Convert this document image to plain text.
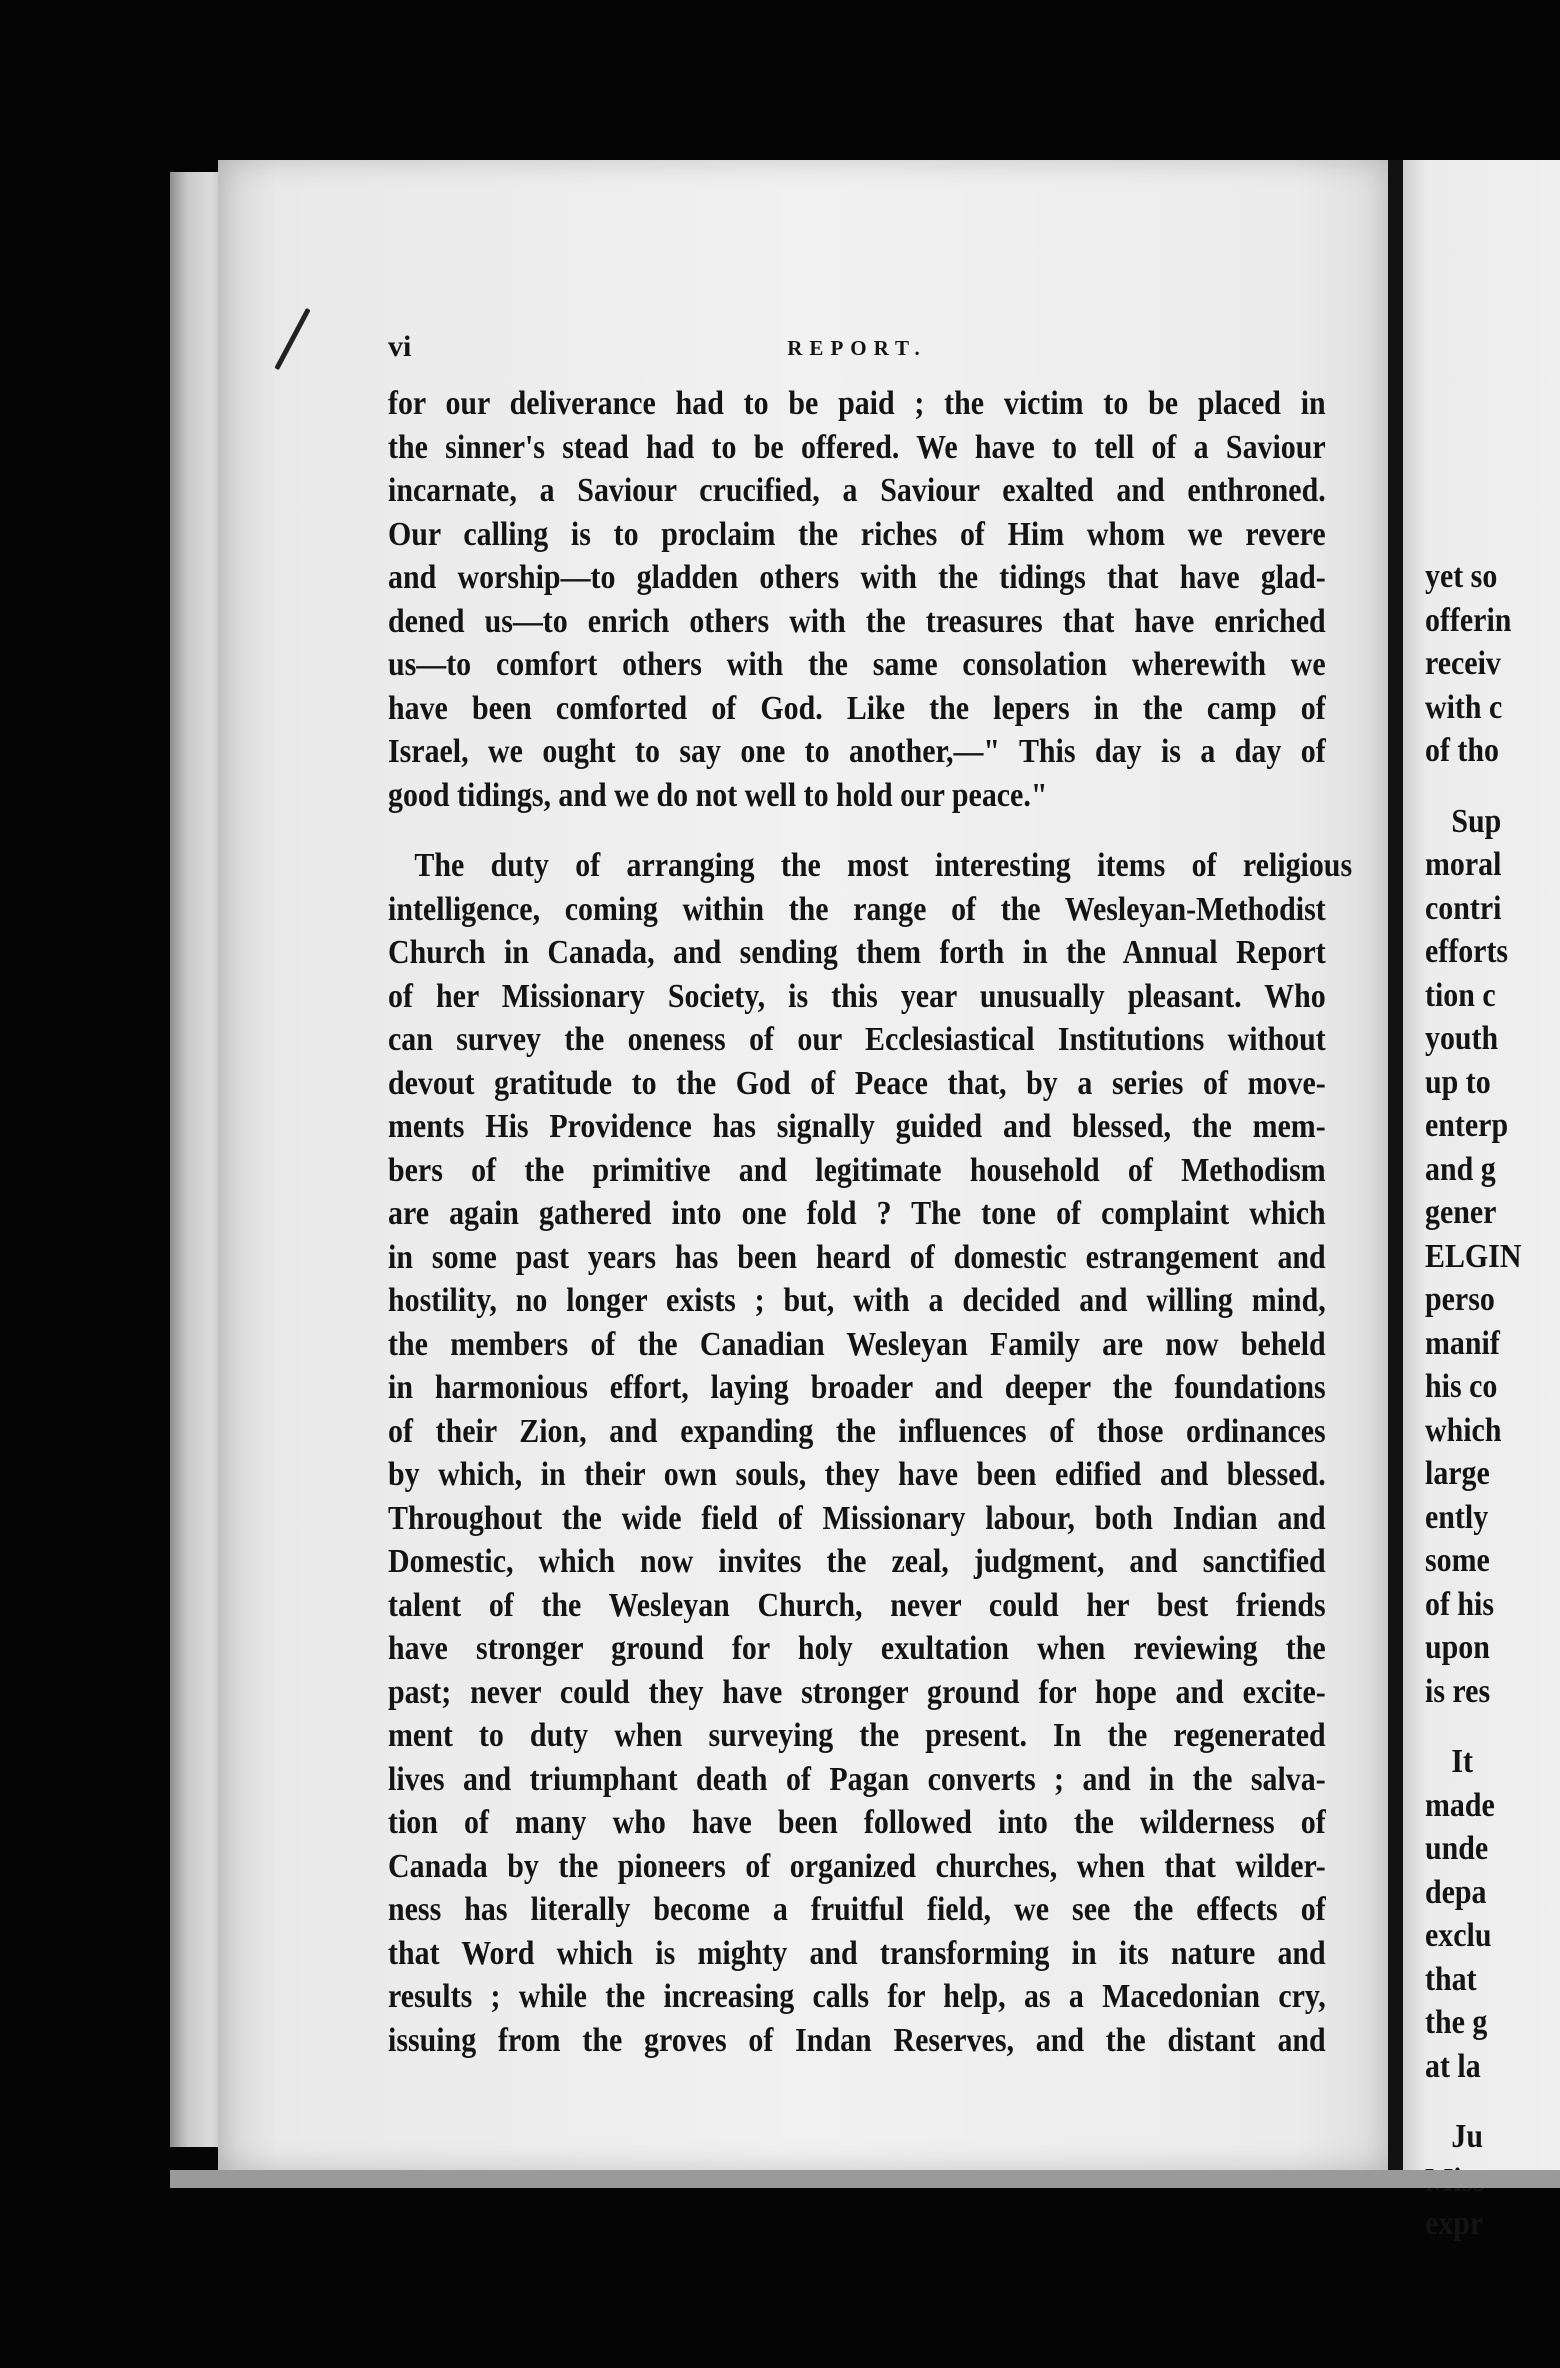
yet so
offerin
receiv
with c
of tho
Sup
moral
contri
efforts
tion c
youth
up to
enterp
and g
gener
ELGIN
perso
manif
his co
which
large
ently
some
of his
upon
is res
It
made
unde
depa
exclu
that
the g
at la
Ju
expr
vi	REPORT.
for our deliverance had to be paid ; the victim to be placed in
the sinner's stead had to be offered. We have to tell of a Saviour
incarnate, a Saviour crucified, a Saviour exalted and enthroned.
Our calling is to proclaim the riches of Him whom we revere
and worship—to gladden others with the tidings that have glad-
dened us—to enrich others with the treasures that have enriched
us—to comfort others with the same consolation wherewith we
have been comforted of God. Like the lepers in the camp of
Israel, we ought to say one to another,—" This day is a day of
good tidings, and we do not well to hold our peace."
The duty of arranging the most interesting items of religious
intelligence, coming within the range of the Wesleyan-Methodist
Church in Canada, and sending them forth in the Annual Report
of her Missionary Society, is this year unusually pleasant. Who
can survey the oneness of our Ecclesiastical Institutions without
devout gratitude to the God of Peace that, by a series of move-
ments His Providence has signally guided and blessed, the mem-
bers of the primitive and legitimate household of Methodism
are again gathered into one fold ? The tone of complaint which
in some past years has been heard of domestic estrangement and
hostility, no longer exists ; but, with a decided and willing mind,
the members of the Canadian Wesleyan Family are now beheld
in harmonious effort, laying broader and deeper the foundations
of their Zion, and expanding the influences of those ordinances
by which, in their own souls, they have been edified and blessed.
Throughout the wide field of Missionary labour, both Indian and
Domestic, which now invites the zeal, judgment, and sanctified
talent of the Wesleyan Church, never could her best friends
have stronger ground for holy exultation when reviewing the
past; never could they have stronger ground for hope and excite-
ment to duty when surveying the present. In the regenerated
lives and triumphant death of Pagan converts ; and in the salva-
tion of many who have been followed into the wilderness of
Canada by the pioneers of organized churches, when that wilder-
ness has literally become a fruitful field, we see the effects of
that Word which is mighty and transforming in its nature and
results ; while the increasing calls for help, as a Macedonian cry,
issuing from the groves of Indan Reserves, and the distant and
